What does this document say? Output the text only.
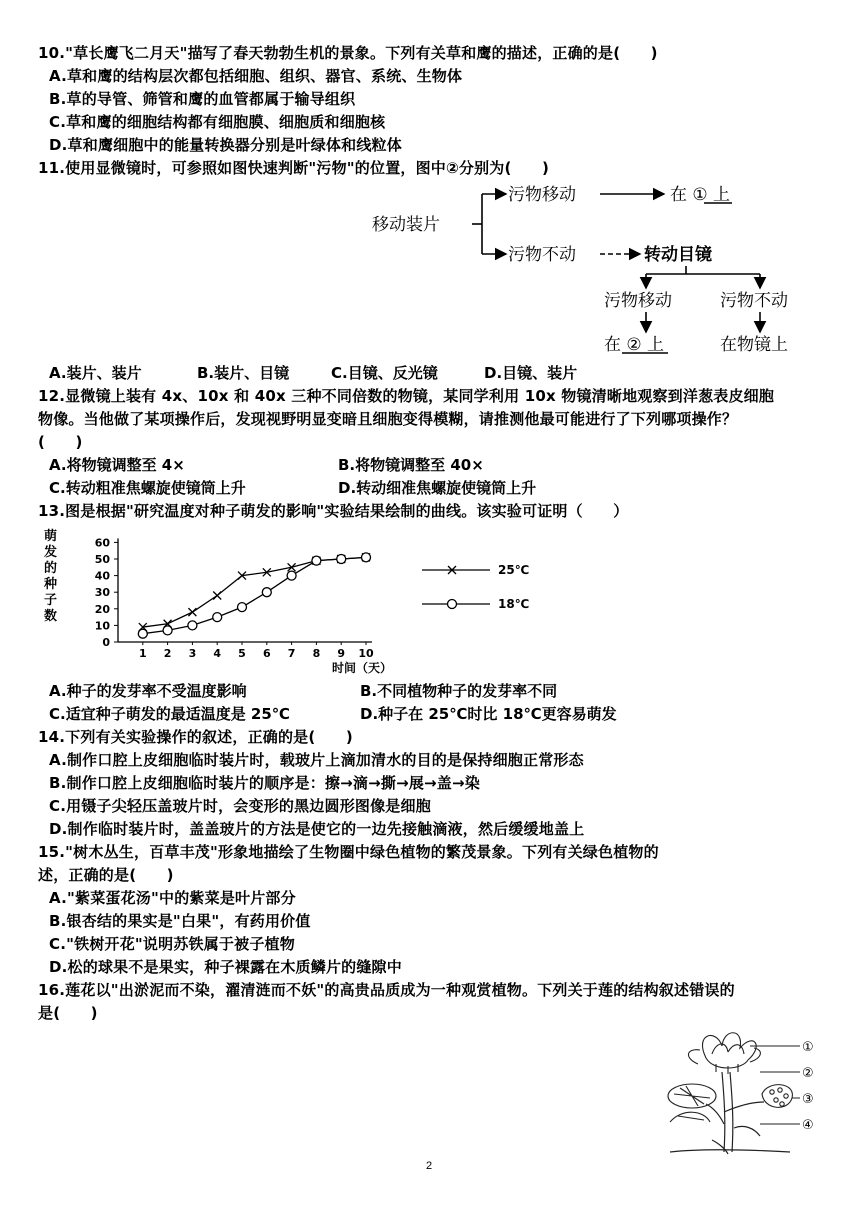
10."草长鹰飞二月天"描写了春天勃勃生机的景象。下列有关草和鹰的描述，正确的是(　　)
A.草和鹰的结构层次都包括细胞、组织、器官、系统、生物体
B.草的导管、筛管和鹰的血管都属于输导组织
C.草和鹰的细胞结构都有细胞膜、细胞质和细胞核
D.草和鹰细胞中的能量转换器分别是叶绿体和线粒体
11.使用显微镜时，可参照如图快速判断"污物"的位置，图中②分别为(　　)
移动装片
污物移动	在 ① 上
污物不动	转动目镜
污物移动	污物不动
在 ② 上	在物镜上
A.装片、装片	B.装片、目镜	C.目镜、反光镜	D.目镜、装片
12.显微镜上装有 4x、10x 和 40x 三种不同倍数的物镜，某同学利用 10x 物镜清晰地观察到洋葱表皮细胞
物像。当他做了某项操作后，发现视野明显变暗且细胞变得模糊，请推测他最可能进行了下列哪项操作？
(　　)
A.将物镜调整至 4×	B.将物镜调整至 40×
C.转动粗准焦螺旋使镜筒上升	D.转动细准焦螺旋使镜筒上升
13.图是根据"研究温度对种子萌发的影响"实验结果绘制的曲线。该实验可证明（　　）
萌
发
的
种
子
数
0
10
20
30
40
50
60
1 2 3 4 5 6 7 8 9 10
时间（天）
25℃
18℃
A.种子的发芽率不受温度影响	B.不同植物种子的发芽率不同
C.适宜种子萌发的最适温度是 25℃	D.种子在 25℃时比 18℃更容易萌发
14.下列有关实验操作的叙述，正确的是(　　)
A.制作口腔上皮细胞临时装片时，载玻片上滴加清水的目的是保持细胞正常形态
B.制作口腔上皮细胞临时装片的顺序是：擦→滴→撕→展→盖→染
C.用镊子尖轻压盖玻片时，会变形的黑边圆形图像是细胞
D.制作临时装片时，盖盖玻片的方法是使它的一边先接触滴液，然后缓缓地盖上
15."树木丛生，百草丰茂"形象地描绘了生物圈中绿色植物的繁茂景象。下列有关绿色植物的
述，正确的是(　　)
A."紫菜蛋花汤"中的紫菜是叶片部分
B.银杏结的果实是"白果"，有药用价值
C."铁树开花"说明苏铁属于被子植物
D.松的球果不是果实，种子裸露在木质鳞片的缝隙中
16.莲花以"出淤泥而不染，濯清涟而不妖"的高贵品质成为一种观赏植物。下列关于莲的结构叙述错误的
是(　　)
①
②
③
④
2
